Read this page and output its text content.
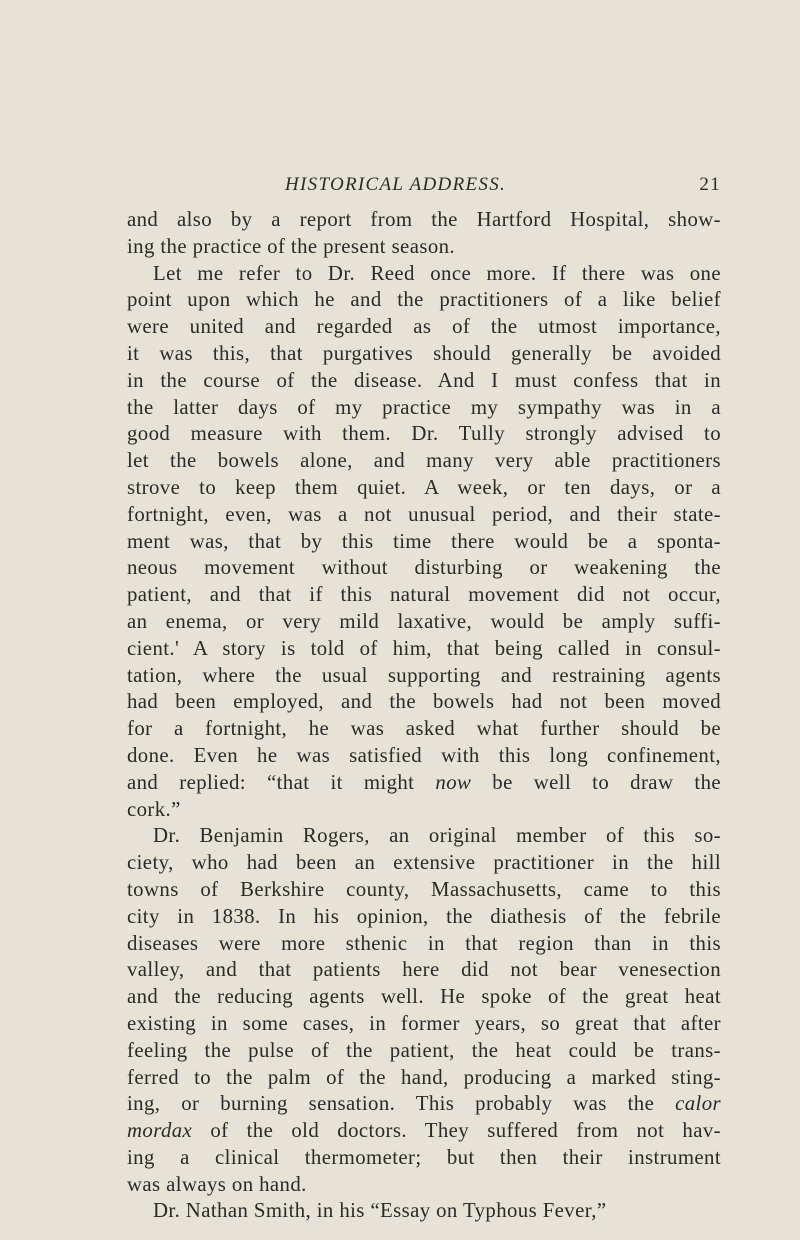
HISTORICAL ADDRESS.	21
and also by a report from the Hartford Hospital, show-
ing the practice of the present season.
Let me refer to Dr. Reed once more. If there was one
point upon which he and the practitioners of a like belief
were united and regarded as of the utmost importance,
it was this, that purgatives should generally be avoided
in the course of the disease. And I must confess that in
the latter days of my practice my sympathy was in a
good measure with them. Dr. Tully strongly advised to
let the bowels alone, and many very able practitioners
strove to keep them quiet. A week, or ten days, or a
fortnight, even, was a not unusual period, and their state-
ment was, that by this time there would be a sponta-
neous movement without disturbing or weakening the
patient, and that if this natural movement did not occur,
an enema, or very mild laxative, would be amply suffi-
cient.' A story is told of him, that being called in consul-
tation, where the usual supporting and restraining agents
had been employed, and the bowels had not been moved
for a fortnight, he was asked what further should be
done. Even he was satisfied with this long confinement,
and replied: “that it might now be well to draw the
cork.”
Dr. Benjamin Rogers, an original member of this so-
ciety, who had been an extensive practitioner in the hill
towns of Berkshire county, Massachusetts, came to this
city in 1838. In his opinion, the diathesis of the febrile
diseases were more sthenic in that region than in this
valley, and that patients here did not bear venesection
and the reducing agents well. He spoke of the great heat
existing in some cases, in former years, so great that after
feeling the pulse of the patient, the heat could be trans-
ferred to the palm of the hand, producing a marked sting-
ing, or burning sensation. This probably was the calor
mordax of the old doctors. They suffered from not hav-
ing a clinical thermometer; but then their instrument
was always on hand.
Dr. Nathan Smith, in his “Essay on Typhous Fever,”
